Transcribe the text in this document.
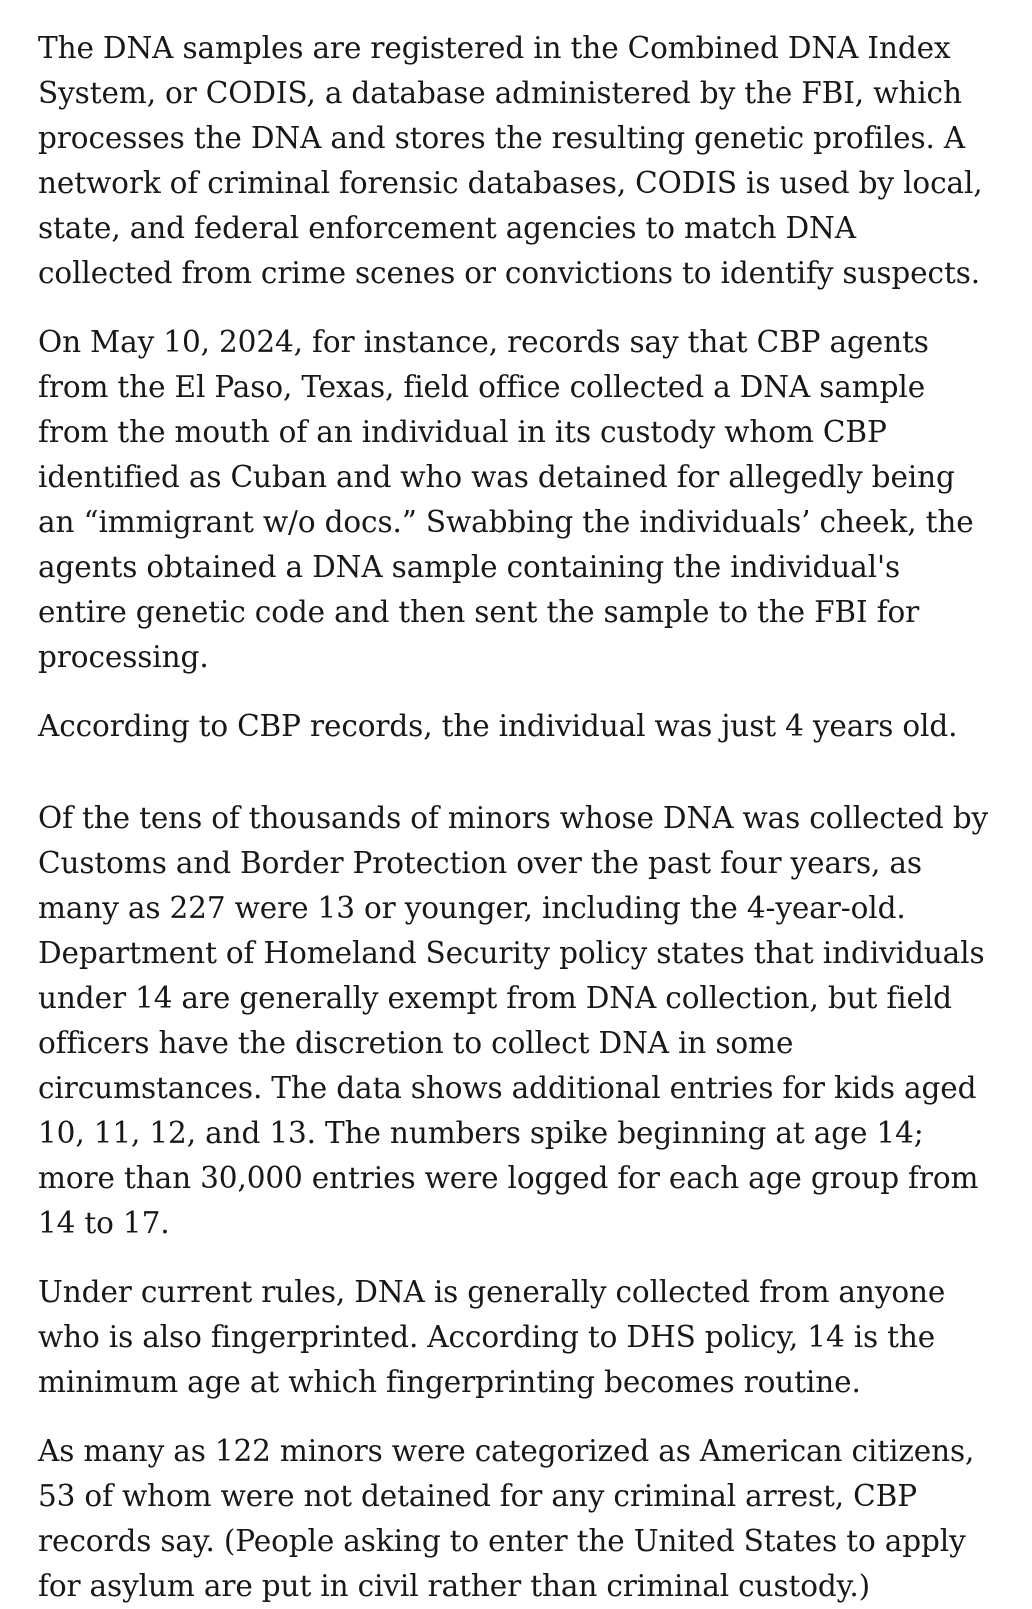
The DNA samples are registered in the Combined DNA Index System, or CODIS, a database administered by the FBI, which processes the DNA and stores the resulting genetic profiles. A network of criminal forensic databases, CODIS is used by local, state, and federal enforcement agencies to match DNA collected from crime scenes or convictions to identify suspects.

On May 10, 2024, for instance, records say that CBP agents from the El Paso, Texas, field office collected a DNA sample from the mouth of an individual in its custody whom CBP identified as Cuban and who was detained for allegedly being an “immigrant w/o docs.” Swabbing the individuals’ cheek, the agents obtained a DNA sample containing the individual's entire genetic code and then sent the sample to the FBI for processing.

According to CBP records, the individual was just 4 years old.

Of the tens of thousands of minors whose DNA was collected by Customs and Border Protection over the past four years, as many as 227 were 13 or younger, including the 4-year-old. Department of Homeland Security policy states that individuals under 14 are generally exempt from DNA collection, but field officers have the discretion to collect DNA in some circumstances. The data shows additional entries for kids aged 10, 11, 12, and 13. The numbers spike beginning at age 14; more than 30,000 entries were logged for each age group from 14 to 17.

Under current rules, DNA is generally collected from anyone who is also fingerprinted. According to DHS policy, 14 is the minimum age at which fingerprinting becomes routine.

As many as 122 minors were categorized as American citizens, 53 of whom were not detained for any criminal arrest, CBP records say. (People asking to enter the United States to apply for asylum are put in civil rather than criminal custody.)
